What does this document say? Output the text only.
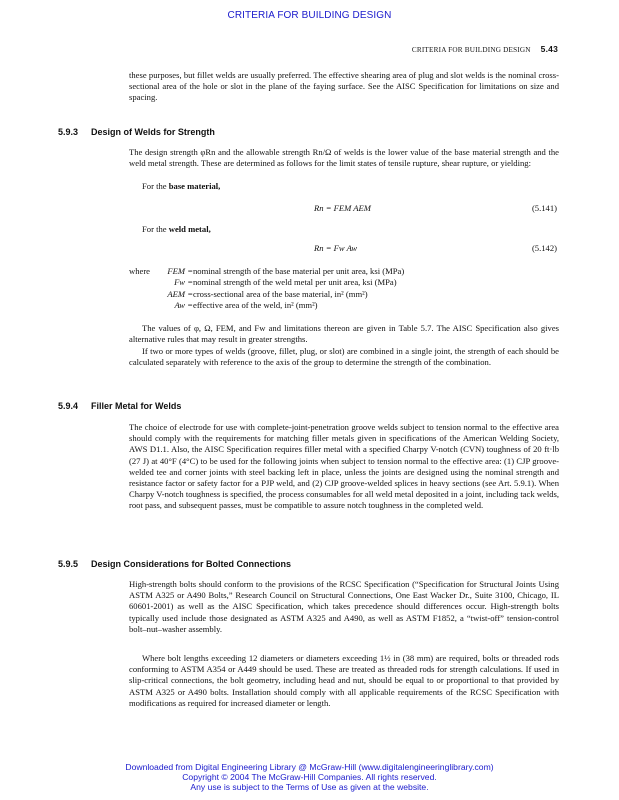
CRITERIA FOR BUILDING DESIGN
CRITERIA FOR BUILDING DESIGN 5.43

these purposes, but fillet welds are usually preferred. The effective shearing area of plug and slot welds is the nominal cross-sectional area of the hole or slot in the plane of the faying surface. See the AISC Specification for limitations on size and spacing.

5.9.3 Design of Welds for Strength

The design strength φRn and the allowable strength Rn/Ω of welds is the lower value of the base material strength and the weld metal strength. These are determined as follows for the limit states of tensile rupture, shear rupture, or yielding:

For the base material,
Rn = FEM AEM	(5.141)
For the weld metal,
Rn = Fw Aw	(5.142)
where FEM = nominal strength of the base material per unit area, ksi (MPa)
Fw = nominal strength of the weld metal per unit area, ksi (MPa)
AEM = cross-sectional area of the base material, in² (mm²)
Aw = effective area of the weld, in² (mm²)

The values of φ, Ω, FEM, and Fw and limitations thereon are given in Table 5.7. The AISC Specification also gives alternative rules that may result in greater strengths.

If two or more types of welds (groove, fillet, plug, or slot) are combined in a single joint, the strength of each should be calculated separately with reference to the axis of the group to determine the strength of the combination.

5.9.4 Filler Metal for Welds

The choice of electrode for use with complete-joint-penetration groove welds subject to tension normal to the effective area should comply with the requirements for matching filler metals given in specifications of the American Welding Society, AWS D1.1. Also, the AISC Specification requires filler metal with a specified Charpy V-notch (CVN) toughness of 20 ft·lb (27 J) at 40°F (4°C) to be used for the following joints when subject to tension normal to the effective area: (1) CJP groove-welded tee and corner joints with steel backing left in place, unless the joints are designed using the nominal strength and resistance factor or safety factor for a PJP weld, and (2) CJP groove-welded splices in heavy sections (see Art. 5.9.1). When Charpy V-notch toughness is specified, the process consumables for all weld metal deposited in a joint, including tack welds, root pass, and subsequent passes, must be compatible to assure notch toughness in the completed weld.

5.9.5 Design Considerations for Bolted Connections

High-strength bolts should conform to the provisions of the RCSC Specification (“Specification for Structural Joints Using ASTM A325 or A490 Bolts,” Research Council on Structural Connections, One East Wacker Dr., Suite 3100, Chicago, IL 60601-2001) as well as the AISC Specification, which takes precedence should differences occur. High-strength bolts typically used include those designated as ASTM A325 and A490, as well as ASTM F1852, a “twist-off” tension-control bolt–nut–washer assembly.

Where bolt lengths exceeding 12 diameters or diameters exceeding 1½ in (38 mm) are required, bolts or threaded rods conforming to ASTM A354 or A449 should be used. These are treated as threaded rods for strength calculations. If used in slip-critical connections, the bolt geometry, including head and nut, should be equal to or proportional to that provided by ASTM A325 or A490 bolts. Installation should comply with all applicable requirements of the RCSC Specification with modifications as required for increased diameter or length.

Downloaded from Digital Engineering Library @ McGraw-Hill (www.digitalengineeringlibrary.com)
Copyright © 2004 The McGraw-Hill Companies. All rights reserved.
Any use is subject to the Terms of Use as given at the website.
